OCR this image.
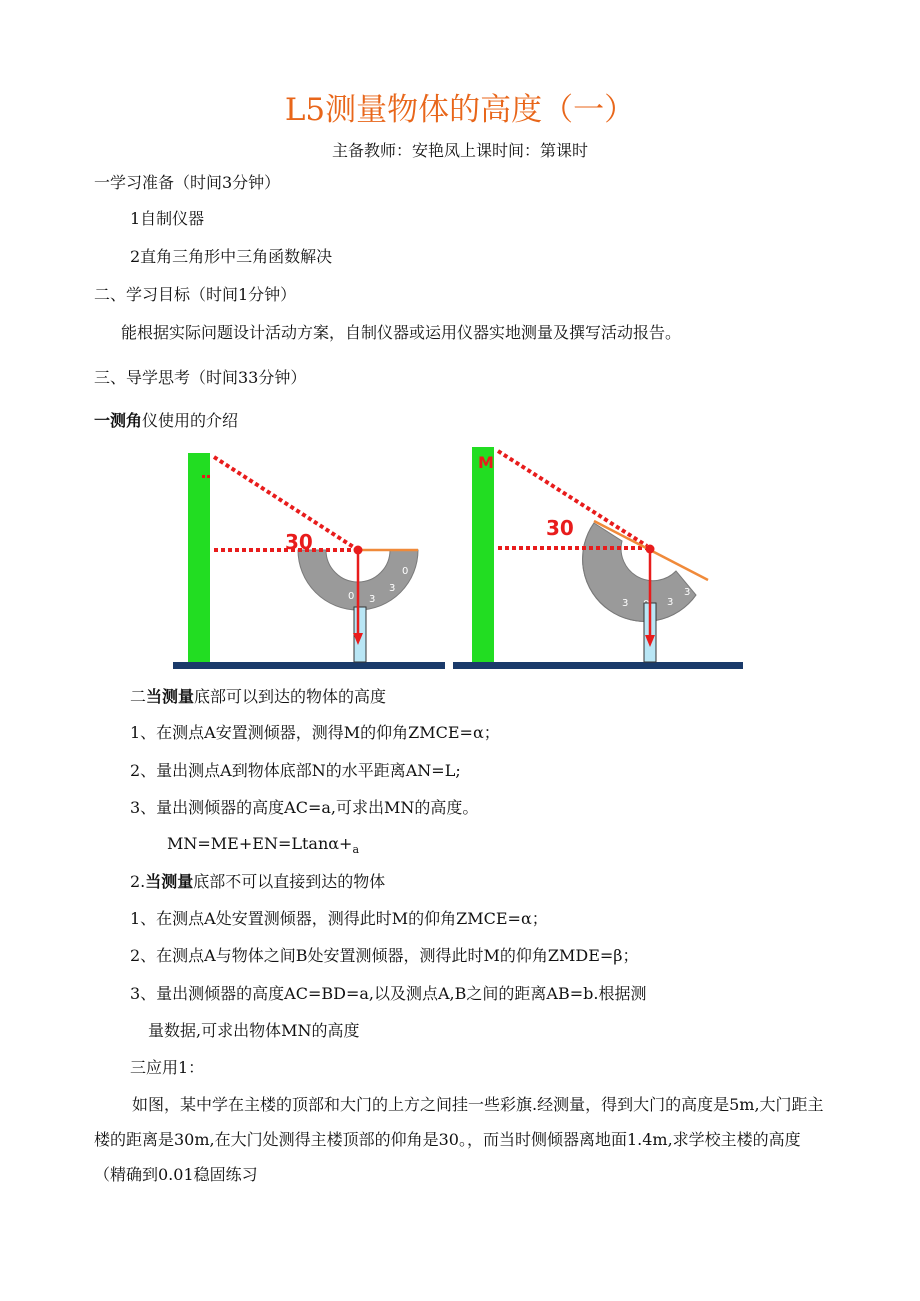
L5测量物体的高度（一）
主备教师：安艳凤上课时间：第课时
一学习准备（时间3分钟）
1自制仪器
2直角三角形中三角函数解决
二、学习目标（时间1分钟）
能根据实际问题设计活动方案，自制仪器或运用仪器实地测量及撰写活动报告。
三、导学思考（时间33分钟）
一测角仪使用的介绍
0 3
3
0
30
M
3	3
3
30
二当测量底部可以到达的物体的高度
1、在测点A安置测倾器，测得M的仰角ZMCE=α；
2、量出测点A到物体底部N的水平距离AN=L;
3、量出测倾器的高度AC=a,可求出MN的高度。
$MN=ME+EN=Ltan\alpha+_a$
2.当测量底部不可以直接到达的物体
1、在测点A处安置测倾器，测得此时M的仰角ZMCE=α；
2、在测点A与物体之间B处安置测倾器，测得此时M的仰角ZMDE=β；
3、量出测倾器的高度AC=BD=a,以及测点A,B之间的距离AB=b.根据测
量数据,可求出物体MN的高度
三应用1：
如图，某中学在主楼的顶部和大门的上方之间挂一些彩旗.经测量，得到大门的高度是5m,大门距主楼的距离是30m,在大门处测得主楼顶部的仰角是30。，而当时侧倾器离地面1.4m,求学校主楼的高度（精确到0.01稳固练习
